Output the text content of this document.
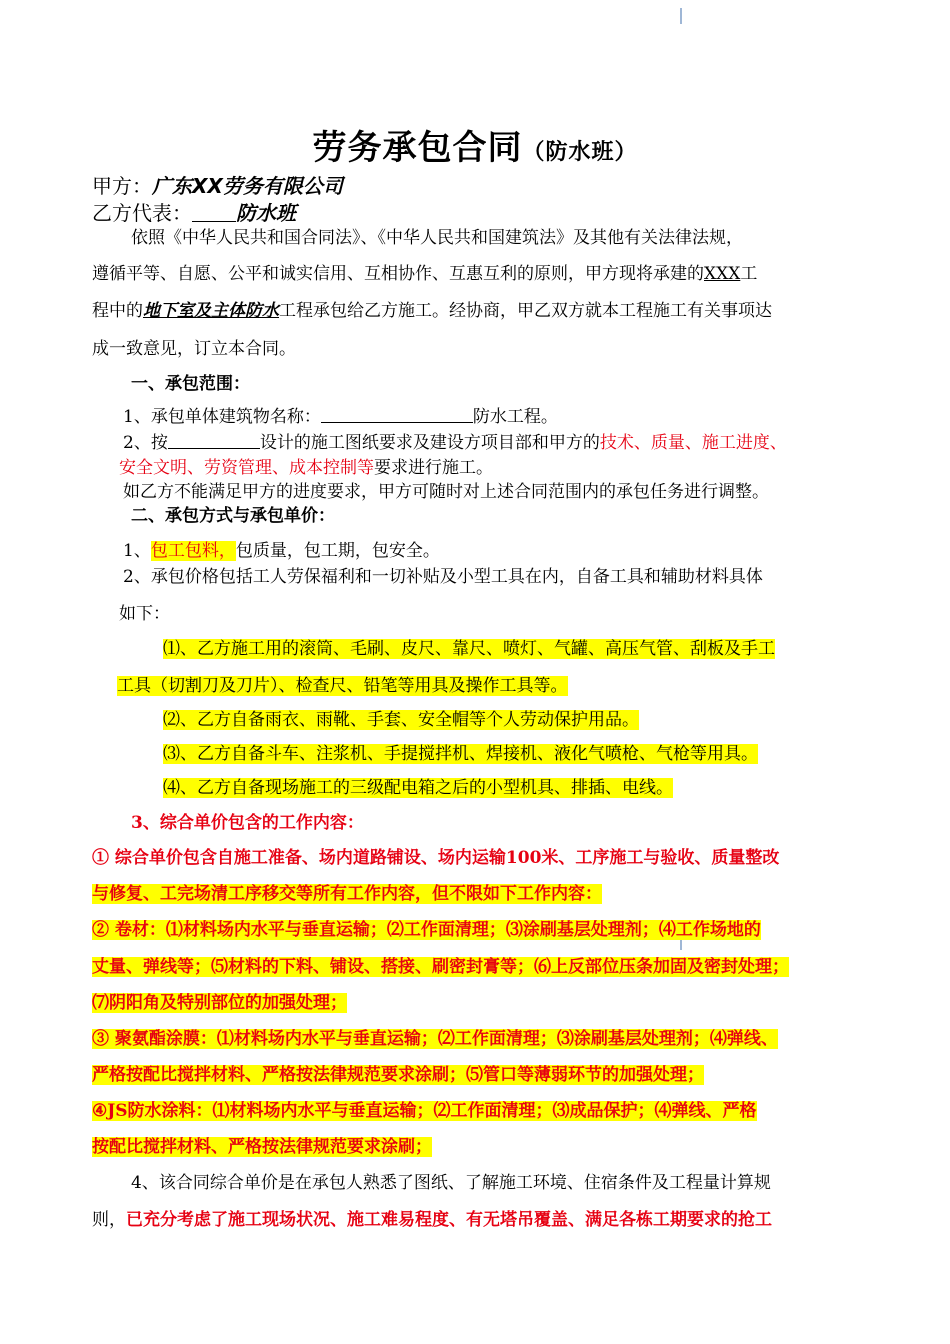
劳务承包合同（防水班）
甲方：广东XX劳务有限公司
乙方代表： 防水班
依照《中华人民共和国合同法》、《中华人民共和国建筑法》及其他有关法律法规，
遵循平等、自愿、公平和诚实信用、互相协作、互惠互利的原则，甲方现将承建的XXX工
程中的地下室及主体防水工程承包给乙方施工。经协商，甲乙双方就本工程施工有关事项达
成一致意见，订立本合同。
一、承包范围：
1、承包单体建筑物名称：	防水工程。
2、按	设计的施工图纸要求及建设方项目部和甲方的技术、质量、施工进度、
安全文明、劳资管理、成本控制等要求进行施工。
如乙方不能满足甲方的进度要求，甲方可随时对上述合同范围内的承包任务进行调整。
二、承包方式与承包单价：
1、包工包料，包质量，包工期，包安全。
2、承包价格包括工人劳保福利和一切补贴及小型工具在内，自备工具和辅助材料具体
如下：
⑴、乙方施工用的滚筒、毛刷、皮尺、靠尺、喷灯、气罐、高压气管、刮板及手工
工具（切割刀及刀片）、检查尺、铅笔等用具及操作工具等。
⑵、乙方自备雨衣、雨靴、手套、安全帽等个人劳动保护用品。
⑶、乙方自备斗车、注浆机、手提搅拌机、焊接机、液化气喷枪、气枪等用具。
⑷、乙方自备现场施工的三级配电箱之后的小型机具、排插、电线。
3、综合单价包含的工作内容：
① 综合单价包含自施工准备、场内道路铺设、场内运输100米、工序施工与验收、质量整改
与修复、工完场清工序移交等所有工作内容，但不限如下工作内容：
② 卷材：⑴材料场内水平与垂直运输；⑵工作面清理；⑶涂刷基层处理剂；⑷工作场地的
丈量、弹线等；⑸材料的下料、铺设、搭接、刷密封膏等；⑹上反部位压条加固及密封处理；
⑺阴阳角及特别部位的加强处理；
③ 聚氨酯涂膜：⑴材料场内水平与垂直运输；⑵工作面清理；⑶涂刷基层处理剂；⑷弹线、
严格按配比搅拌材料、严格按法律规范要求涂刷；⑸管口等薄弱环节的加强处理；
④JS防水涂料：⑴材料场内水平与垂直运输；⑵工作面清理；⑶成品保护；⑷弹线、严格
按配比搅拌材料、严格按法律规范要求涂刷；
4、该合同综合单价是在承包人熟悉了图纸、了解施工环境、住宿条件及工程量计算规
则，已充分考虑了施工现场状况、施工难易程度、有无塔吊覆盖、满足各栋工期要求的抢工
